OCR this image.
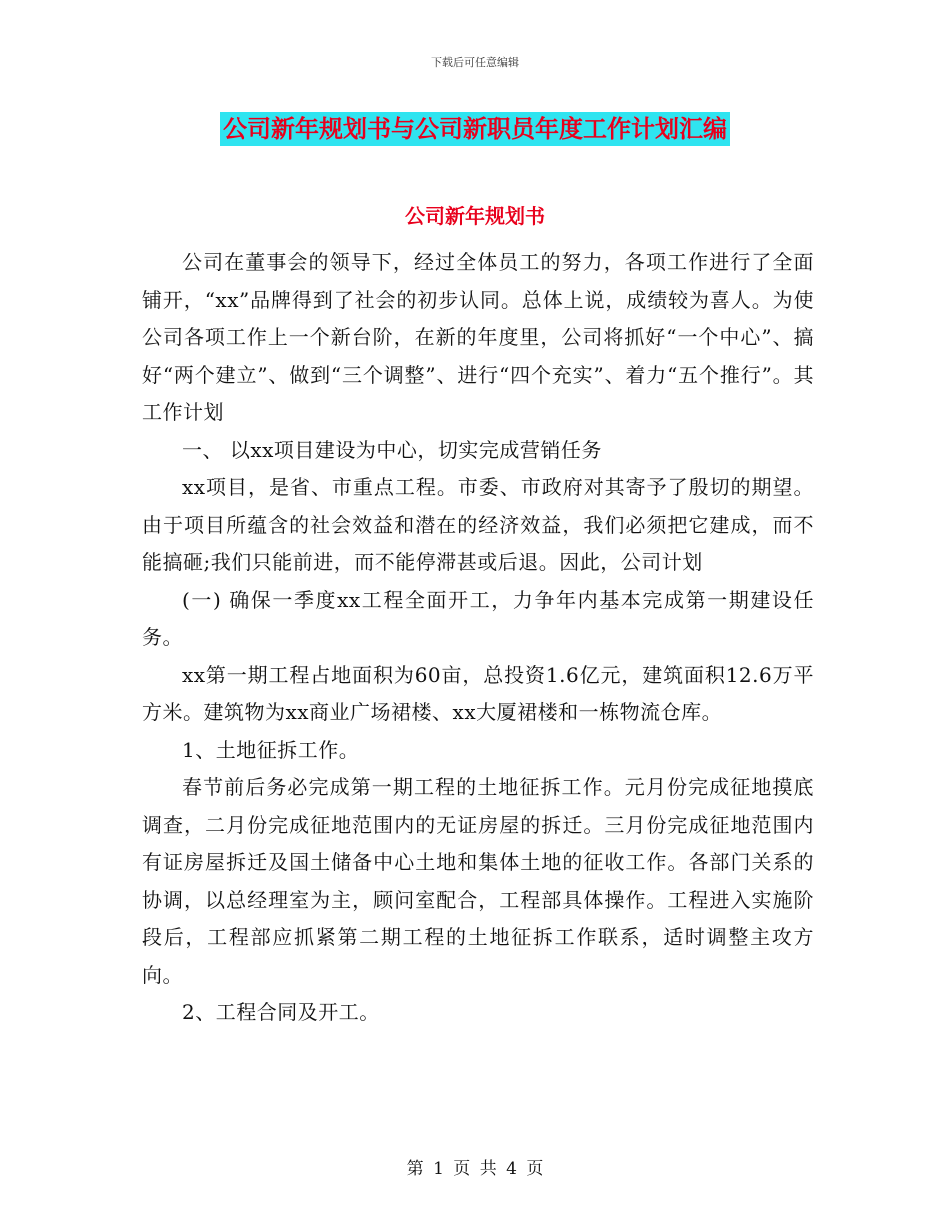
下载后可任意编辑
公司新年规划书与公司新职员年度工作计划汇编
公司新年规划书

公司在董事会的领导下，经过全体员工的努力，各项工作进行了全面铺开，“xx”品牌得到了社会的初步认同。总体上说，成绩较为喜人。为使公司各项工作上一个新台阶，在新的年度里，公司将抓好“一个中心”、搞好“两个建立”、做到“三个调整”、进行“四个充实”、着力“五个推行”。其工作计划

一、 以xx项目建设为中心，切实完成营销任务

xx项目，是省、市重点工程。市委、市政府对其寄予了殷切的期望。由于项目所蕴含的社会效益和潜在的经济效益，我们必须把它建成，而不能搞砸;我们只能前进，而不能停滞甚或后退。因此，公司计划

(一) 确保一季度xx工程全面开工，力争年内基本完成第一期建设任务。

xx第一期工程占地面积为60亩，总投资1.6亿元，建筑面积12.6万平方米。建筑物为xx商业广场裙楼、xx大厦裙楼和一栋物流仓库。

1、土地征拆工作。

春节前后务必完成第一期工程的土地征拆工作。元月份完成征地摸底调查，二月份完成征地范围内的无证房屋的拆迁。三月份完成征地范围内有证房屋拆迁及国土储备中心土地和集体土地的征收工作。各部门关系的协调，以总经理室为主，顾问室配合，工程部具体操作。工程进入实施阶段后，工程部应抓紧第二期工程的土地征拆工作联系，适时调整主攻方向。

2、工程合同及开工。

第 1 页 共 4 页
